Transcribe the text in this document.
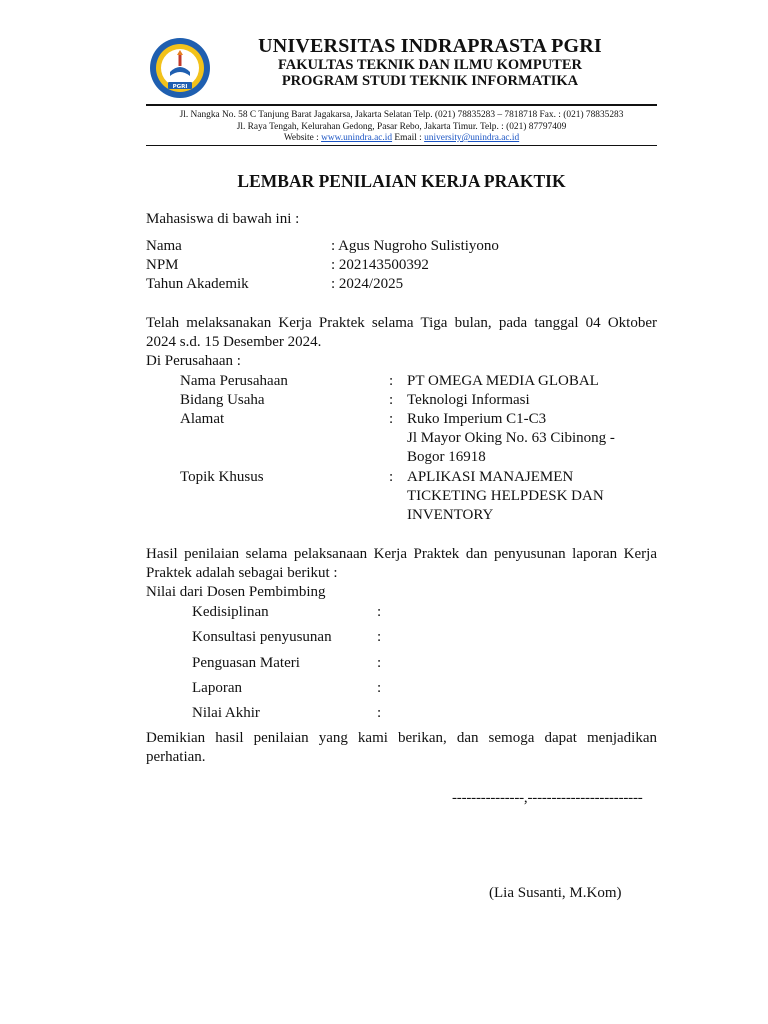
PGRI
UNIVERSITAS INDRAPRASTA PGRI
FAKULTAS TEKNIK DAN ILMU KOMPUTER
PROGRAM STUDI TEKNIK INFORMATIKA
Jl. Nangka No. 58 C Tanjung Barat Jagakarsa, Jakarta Selatan Telp. (021) 78835283 – 7818718 Fax. : (021) 78835283
Jl. Raya Tengah, Kelurahan Gedong, Pasar Rebo, Jakarta Timur. Telp. : (021) 87797409
Website : www.unindra.ac.id Email : university@unindra.ac.id
LEMBAR PENILAIAN KERJA PRAKTIK
Mahasiswa di bawah ini :
Nama	: Agus Nugroho Sulistiyono
NPM	: 202143500392
Tahun Akademik	: 2024/2025
Telah melaksanakan Kerja Praktek selama Tiga bulan, pada tanggal 04 Oktober
2024 s.d. 15 Desember 2024.
Di Perusahaan :
Nama Perusahaan	: PT OMEGA MEDIA GLOBAL
Bidang Usaha	: Teknologi Informasi
Alamat	: Ruko Imperium C1-C3
Jl Mayor Oking No. 63 Cibinong -
Bogor 16918
Topik Khusus	: APLIKASI MANAJEMEN
TICKETING HELPDESK DAN
INVENTORY
Hasil penilaian selama pelaksanaan Kerja Praktek dan penyusunan laporan Kerja
Praktek adalah sebagai berikut :
Nilai dari Dosen Pembimbing
Kedisiplinan	:
Konsultasi penyusunan	:
Penguasan Materi	:
Laporan	:
Nilai Akhir	:
Demikian hasil penilaian yang kami berikan, dan semoga dapat menjadikan
perhatian.
---------------,------------------------
(Lia Susanti, M.Kom)
